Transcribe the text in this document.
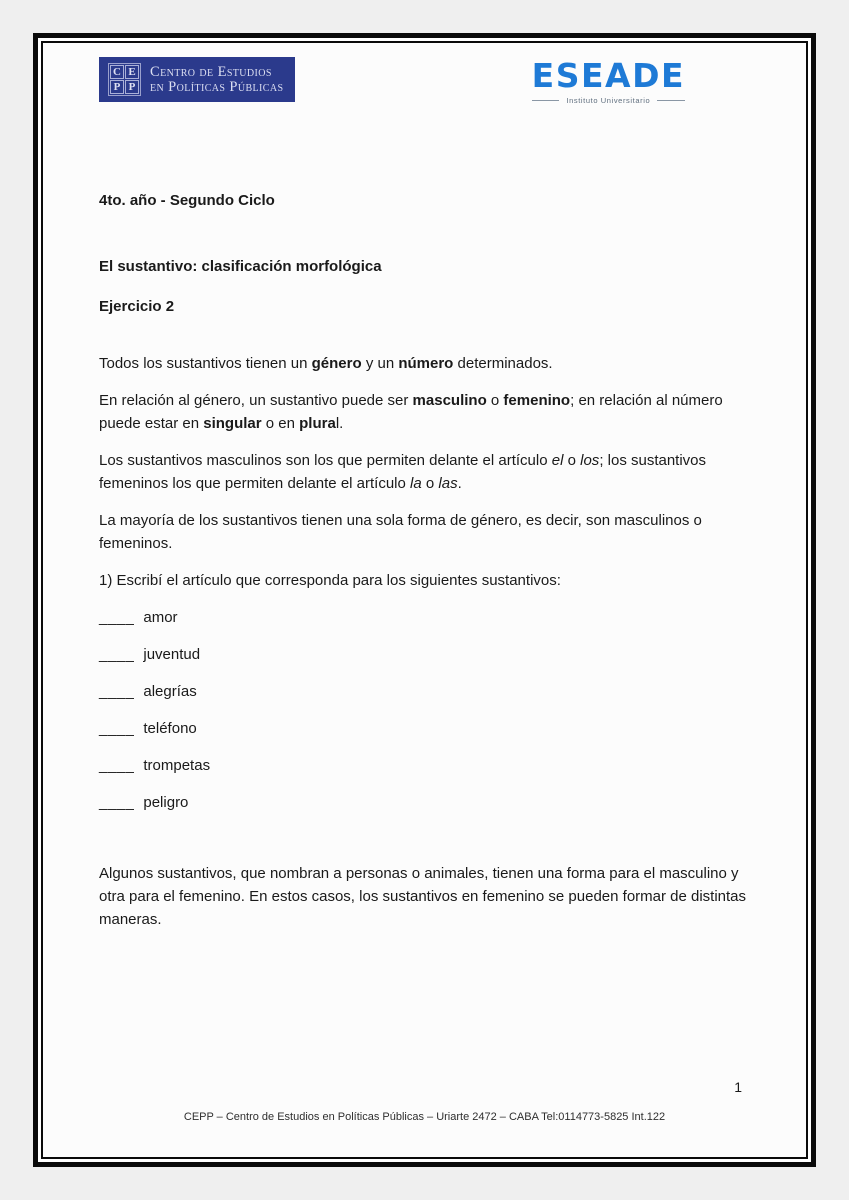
C E
P P
Centro de Estudios
en Políticas Públicas	ESEADE
Instituto Universitario
4to. año - Segundo Ciclo
El sustantivo: clasificación morfológica
Ejercicio 2

Todos los sustantivos tienen un género y un número determinados.

En relación al género, un sustantivo puede ser masculino o femenino; en relación al número puede estar en singular o en plural.

Los sustantivos masculinos son los que permiten delante el artículo el o los; los sustantivos femeninos los que permiten delante el artículo la o las.

La mayoría de los sustantivos tienen una sola forma de género, es decir, son masculinos o femeninos.

1) Escribí el artículo que corresponda para los siguientes sustantivos:

____ amor
____ juventud
____ alegrías
____ teléfono
____ trompetas
____ peligro

Algunos sustantivos, que nombran a personas o animales, tienen una forma para el masculino y otra para el femenino. En estos casos, los sustantivos en femenino se pueden formar de distintas maneras.

1
CEPP – Centro de Estudios en Políticas Públicas – Uriarte 2472 – CABA Tel:0114773-5825 Int.122
